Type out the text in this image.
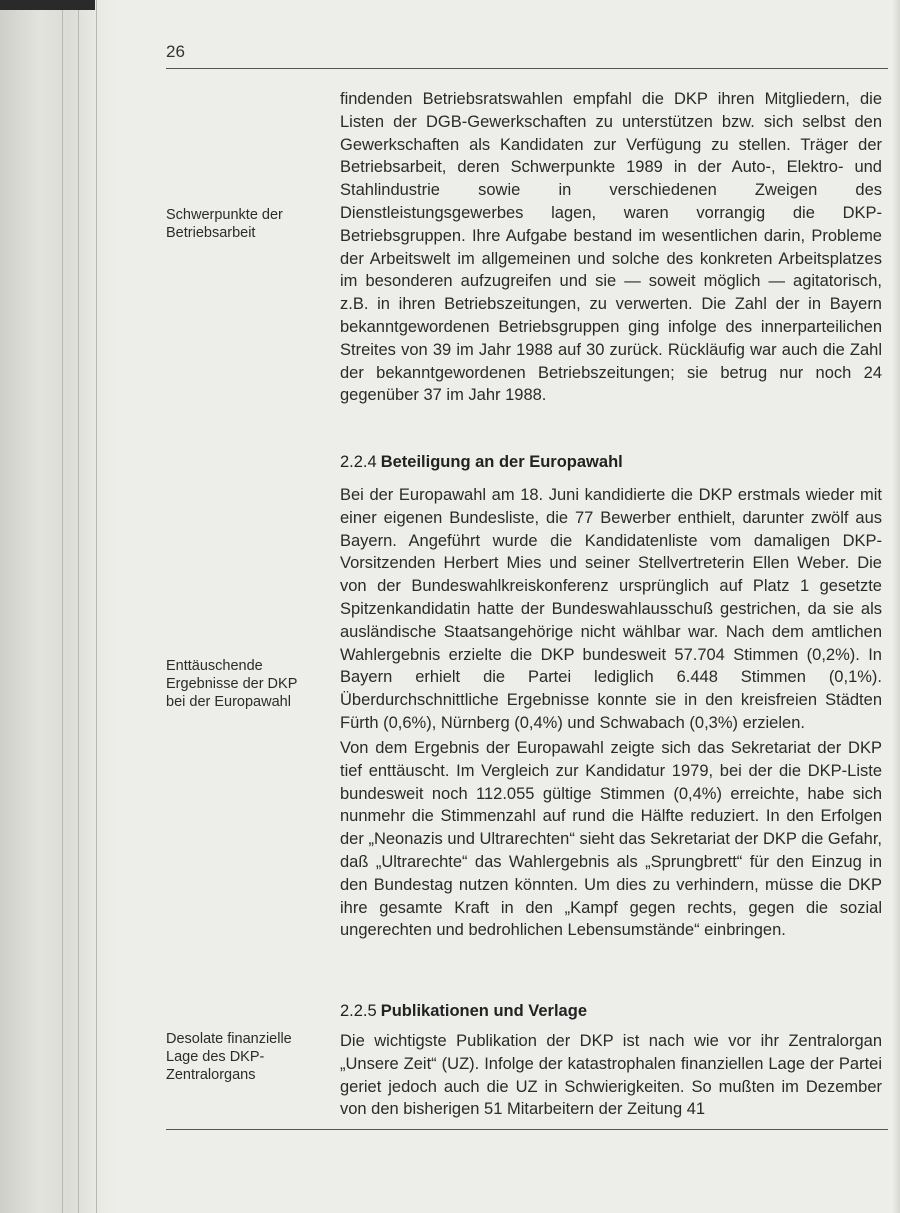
26
Schwerpunkte der Betriebsarbeit

findenden Betriebsratswahlen empfahl die DKP ihren Mitgliedern, die Listen der DGB-Gewerkschaften zu unterstützen bzw. sich selbst den Gewerkschaften als Kandidaten zur Verfügung zu stellen. Träger der Betriebsarbeit, deren Schwerpunkte 1989 in der Auto-, Elektro- und Stahlindustrie sowie in verschiedenen Zweigen des Dienstleistungsgewerbes lagen, waren vorrangig die DKP-Betriebsgruppen. Ihre Aufgabe bestand im wesentlichen darin, Probleme der Arbeitswelt im allgemeinen und solche des konkreten Arbeitsplatzes im besonderen aufzugreifen und sie — soweit möglich — agitatorisch, z.B. in ihren Betriebszeitungen, zu verwerten. Die Zahl der in Bayern bekanntgewordenen Betriebsgruppen ging infolge des innerparteilichen Streites von 39 im Jahr 1988 auf 30 zurück. Rückläufig war auch die Zahl der bekanntgewordenen Betriebszeitungen; sie betrug nur noch 24 gegenüber 37 im Jahr 1988.

2.2.4 Beteiligung an der Europawahl

Bei der Europawahl am 18. Juni kandidierte die DKP erstmals wieder mit einer eigenen Bundesliste, die 77 Bewerber enthielt, darunter zwölf aus Bayern. Angeführt wurde die Kandidatenliste vom damaligen DKP-Vorsitzenden Herbert Mies und seiner Stellvertreterin Ellen Weber. Die von der Bundeswahlkreiskonferenz ursprünglich auf Platz 1 gesetzte Spitzenkandidatin hatte der Bundeswahlausschuß gestrichen, da sie als ausländische Staatsangehörige nicht wählbar war. Nach dem amtlichen Wahlergebnis erzielte die DKP bundesweit 57.704 Stimmen (0,2%). In Bayern erhielt die Partei lediglich 6.448 Stimmen (0,1%). Überdurchschnittliche Ergebnisse konnte sie in den kreisfreien Städten Fürth (0,6%), Nürnberg (0,4%) und Schwabach (0,3%) erzielen.

Enttäuschende Ergebnisse der DKP bei der Europawahl

Von dem Ergebnis der Europawahl zeigte sich das Sekretariat der DKP tief enttäuscht. Im Vergleich zur Kandidatur 1979, bei der die DKP-Liste bundesweit noch 112.055 gültige Stimmen (0,4%) erreichte, habe sich nunmehr die Stimmenzahl auf rund die Hälfte reduziert. In den Erfolgen der „Neonazis und Ultrarechten“ sieht das Sekretariat der DKP die Gefahr, daß „Ultrarechte“ das Wahlergebnis als „Sprungbrett“ für den Einzug in den Bundestag nutzen könnten. Um dies zu verhindern, müsse die DKP ihre gesamte Kraft in den „Kampf gegen rechts, gegen die sozial ungerechten und bedrohlichen Lebensumstände“ einbringen.

2.2.5 Publikationen und Verlage
Desolate finanzielle Lage des DKP-Zentralorgans

Die wichtigste Publikation der DKP ist nach wie vor ihr Zentralorgan „Unsere Zeit“ (UZ). Infolge der katastrophalen finanziellen Lage der Partei geriet jedoch auch die UZ in Schwierigkeiten. So mußten im Dezember von den bisherigen 51 Mitarbeitern der Zeitung 41
